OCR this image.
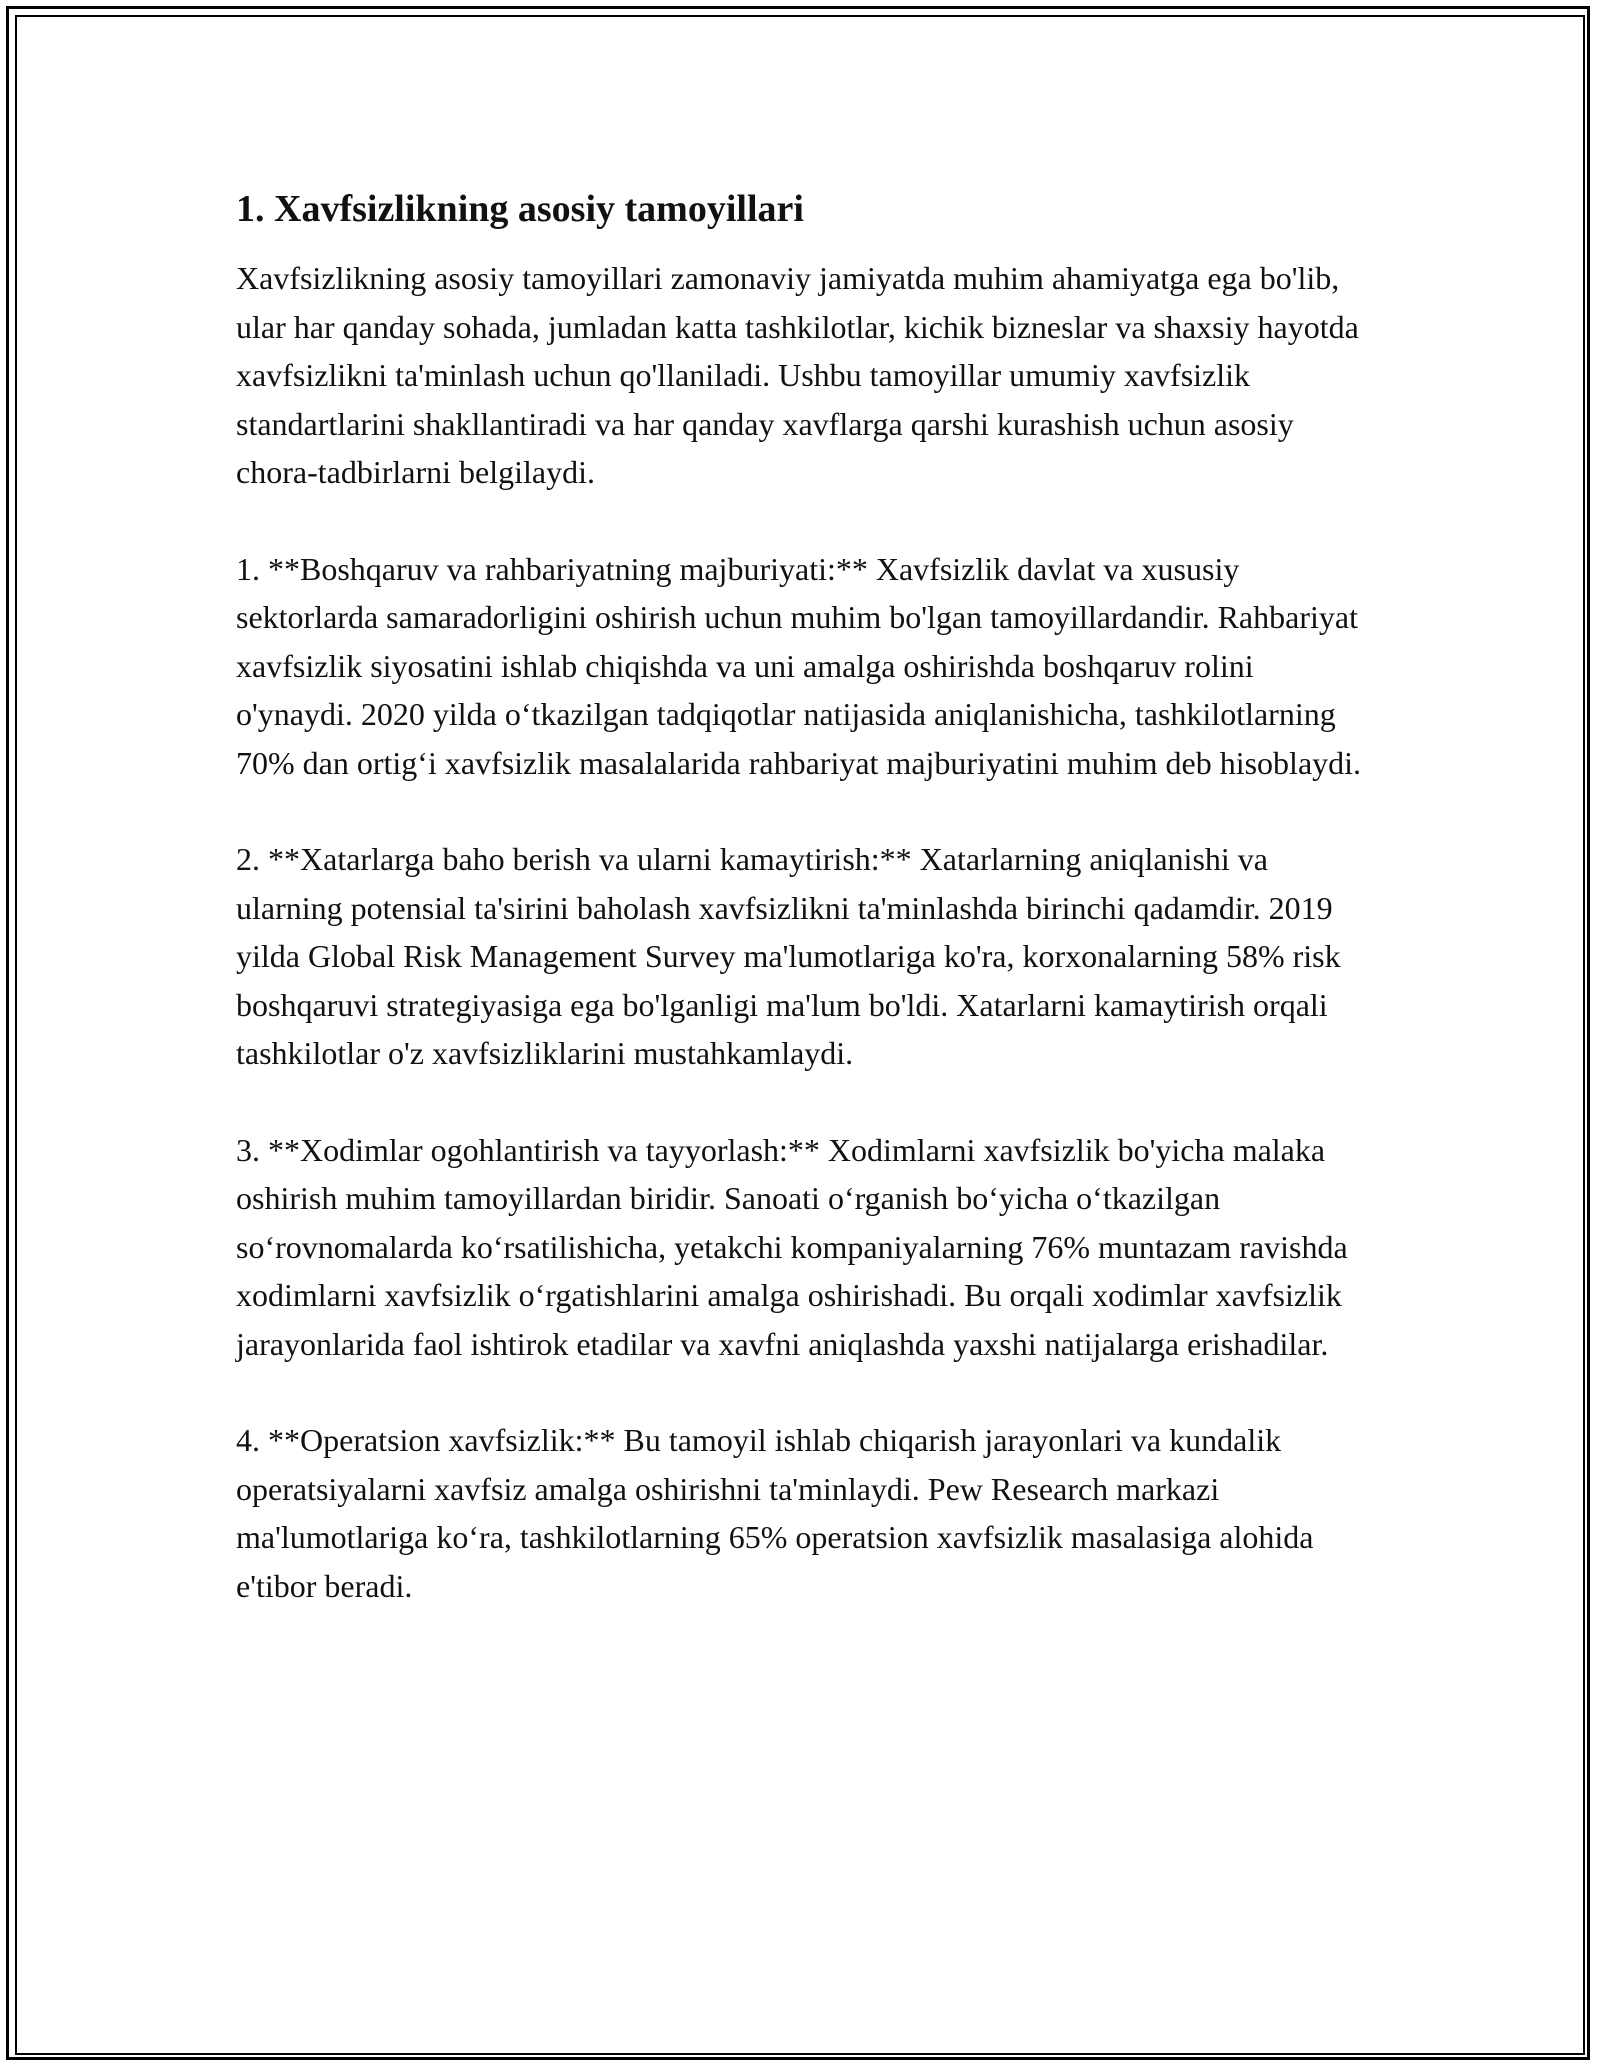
1. Xavfsizlikning asosiy tamoyillari

Xavfsizlikning asosiy tamoyillari zamonaviy jamiyatda muhim ahamiyatga ega bo'lib, ular har qanday sohada, jumladan katta tashkilotlar, kichik bizneslar va shaxsiy hayotda xavfsizlikni ta'minlash uchun qo'llaniladi. Ushbu tamoyillar umumiy xavfsizlik standartlarini shakllantiradi va har qanday xavflarga qarshi kurashish uchun asosiy chora-tadbirlarni belgilaydi.

1. **Boshqaruv va rahbariyatning majburiyati:** Xavfsizlik davlat va xususiy sektorlarda samaradorligini oshirish uchun muhim bo'lgan tamoyillardandir. Rahbariyat xavfsizlik siyosatini ishlab chiqishda va uni amalga oshirishda boshqaruv rolini o'ynaydi. 2020 yilda o‘tkazilgan tadqiqotlar natijasida aniqlanishicha, tashkilotlarning 70% dan ortig‘i xavfsizlik masalalarida rahbariyat majburiyatini muhim deb hisoblaydi.

2. **Xatarlarga baho berish va ularni kamaytirish:** Xatarlarning aniqlanishi va ularning potensial ta'sirini baholash xavfsizlikni ta'minlashda birinchi qadamdir. 2019 yilda Global Risk Management Survey ma'lumotlariga ko'ra, korxonalarning 58% risk boshqaruvi strategiyasiga ega bo'lganligi ma'lum bo'ldi. Xatarlarni kamaytirish orqali tashkilotlar o'z xavfsizliklarini mustahkamlaydi.

3. **Xodimlar ogohlantirish va tayyorlash:** Xodimlarni xavfsizlik bo'yicha malaka oshirish muhim tamoyillardan biridir. Sanoati o‘rganish bo‘yicha o‘tkazilgan so‘rovnomalarda ko‘rsatilishicha, yetakchi kompaniyalarning 76% muntazam ravishda xodimlarni xavfsizlik o‘rgatishlarini amalga oshirishadi. Bu orqali xodimlar xavfsizlik jarayonlarida faol ishtirok etadilar va xavfni aniqlashda yaxshi natijalarga erishadilar.

4. **Operatsion xavfsizlik:** Bu tamoyil ishlab chiqarish jarayonlari va kundalik operatsiyalarni xavfsiz amalga oshirishni ta'minlaydi. Pew Research markazi ma'lumotlariga ko‘ra, tashkilotlarning 65% operatsion xavfsizlik masalasiga alohida e'tibor beradi.
